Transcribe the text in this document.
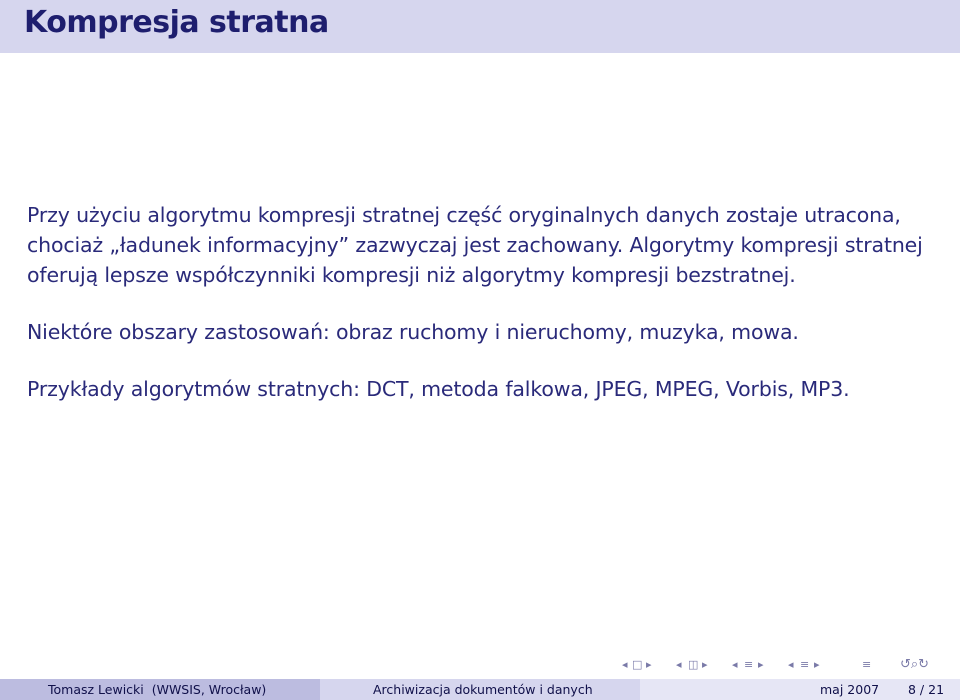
Kompresja stratna

Przy użyciu algorytmu kompresji stratnej część oryginalnych danych zostaje utracona, chociaż „ładunek informacyjny” zazwyczaj jest zachowany. Algorytmy kompresji stratnej oferują lepsze współczynniki kompresji niż algorytmy kompresji bezstratnej.

Niektóre obszary zastosowań: obraz ruchomy i nieruchomy, muzyka, mowa.

Przykłady algorytmów stratnych: DCT, metoda falkowa, JPEG, MPEG, Vorbis, MP3.

◂ □ ▸ ◂ ◫ ▸ ◂ ≡ ▸ ◂ ≡ ▸	≡ ↺⌕↻
Tomasz Lewicki  (WWSIS, Wrocław)	Archiwizacja dokumentów i danych	maj 2007 8 / 21
